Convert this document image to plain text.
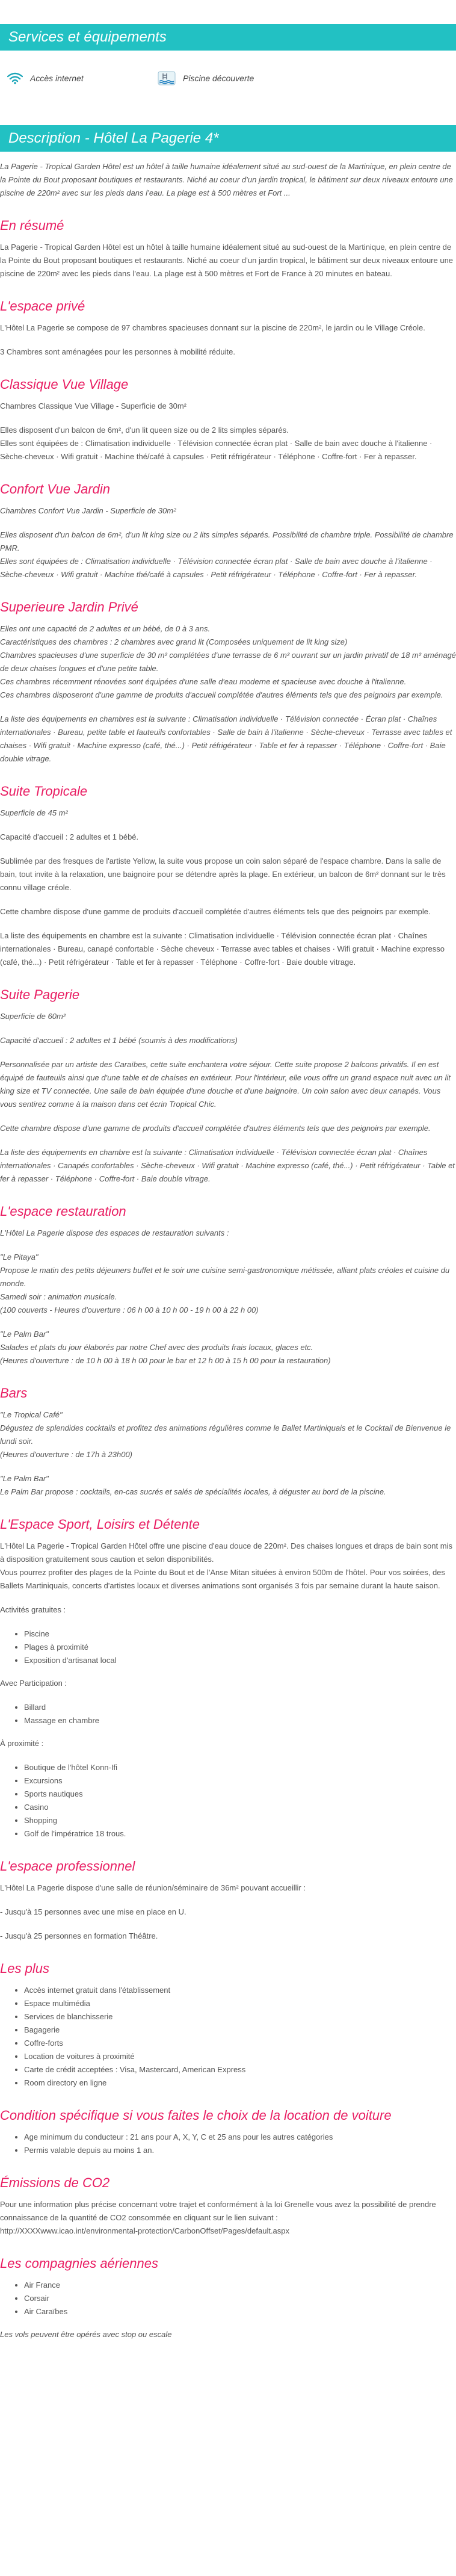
Services et équipements
Accès internet	Piscine découverte
Description - Hôtel La Pagerie 4*

La Pagerie - Tropical Garden Hôtel est un hôtel à taille humaine idéalement situé au sud-ouest de la Martinique, en plein centre de la Pointe du Bout proposant boutiques et restaurants. Niché au coeur d’un jardin tropical, le bâtiment sur deux niveaux entoure une piscine de 220m² avec sur les pieds dans l’eau. La plage est à 500 mètres et Fort ...

En résumé

La Pagerie - Tropical Garden Hôtel est un hôtel à taille humaine idéalement situé au sud-ouest de la Martinique, en plein centre de la Pointe du Bout proposant boutiques et restaurants. Niché au coeur d’un jardin tropical, le bâtiment sur deux niveaux entoure une piscine de 220m² avec les pieds dans l’eau. La plage est à 500 mètres et Fort de France à 20 minutes en bateau.

L'espace privé

L'Hôtel La Pagerie se compose de 97 chambres spacieuses donnant sur la piscine de 220m², le jardin ou le Village Créole.

3 Chambres sont aménagées pour les personnes à mobilité réduite.

Classique Vue Village

Chambres Classique Vue Village - Superficie de 30m²

Elles disposent d'un balcon de 6m², d'un lit queen size ou de 2 lits simples séparés.
Elles sont équipées de : Climatisation individuelle · Télévision connectée écran plat · Salle de bain avec douche à l'italienne · Sèche-cheveux · Wifi gratuit · Machine thé/café à capsules · Petit réfrigérateur · Téléphone · Coffre-fort · Fer à repasser.

Confort Vue Jardin

Chambres Confort Vue Jardin - Superficie de 30m²

Elles disposent d'un balcon de 6m², d'un lit king size ou 2 lits simples séparés. Possibilité de chambre triple. Possibilité de chambre PMR.
Elles sont équipées de : Climatisation individuelle · Télévision connectée écran plat · Salle de bain avec douche à l'italienne · Sèche-cheveux · Wifi gratuit · Machine thé/café à capsules · Petit réfrigérateur · Téléphone · Coffre-fort · Fer à repasser.

Superieure Jardin Privé

Elles ont une capacité de 2 adultes et un bébé, de 0 à 3 ans.
Caractéristiques des chambres : 2 chambres avec grand lit (Composées uniquement de lit king size)
Chambres spacieuses d'une superficie de 30 m² complétées d'une terrasse de 6 m² ouvrant sur un jardin privatif de 18 m² aménagé de deux chaises longues et d'une petite table.
Ces chambres récemment rénovées sont équipées d'une salle d'eau moderne et spacieuse avec douche à l'italienne.
Ces chambres disposeront d'une gamme de produits d'accueil complétée d'autres éléments tels que des peignoirs par exemple.

La liste des équipements en chambres est la suivante : Climatisation individuelle · Télévision connectée · Écran plat · Chaînes internationales · Bureau, petite table et fauteuils confortables · Salle de bain à l'italienne · Sèche-cheveux · Terrasse avec tables et chaises · Wifi gratuit · Machine expresso (café, thé...) · Petit réfrigérateur · Table et fer à repasser · Téléphone · Coffre-fort · Baie double vitrage.

Suite Tropicale

Superficie de 45 m²

Capacité d'accueil : 2 adultes et 1 bébé.

Sublimée par des fresques de l'artiste Yellow, la suite vous propose un coin salon séparé de l'espace chambre. Dans la salle de bain, tout invite à la relaxation, une baignoire pour se détendre après la plage. En extérieur, un balcon de 6m² donnant sur le très connu village créole.

Cette chambre dispose d'une gamme de produits d'accueil complétée d'autres éléments tels que des peignoirs par exemple.

La liste des équipements en chambre est la suivante : Climatisation individuelle · Télévision connectée écran plat · Chaînes internationales · Bureau, canapé confortable · Sèche cheveux · Terrasse avec tables et chaises · Wifi gratuit · Machine expresso (café, thé...) · Petit réfrigérateur · Table et fer à repasser · Téléphone · Coffre-fort · Baie double vitrage.

Suite Pagerie

Superficie de 60m²

Capacité d'accueil : 2 adultes et 1 bébé (soumis à des modifications)

Personnalisée par un artiste des Caraïbes, cette suite enchantera votre séjour. Cette suite propose 2 balcons privatifs. Il en est équipé de fauteuils ainsi que d'une table et de chaises en extérieur. Pour l'intérieur, elle vous offre un grand espace nuit avec un lit king size et TV connectée. Une salle de bain équipée d'une douche et d'une baignoire. Un coin salon avec deux canapés. Vous vous sentirez comme à la maison dans cet écrin Tropical Chic.

Cette chambre dispose d'une gamme de produits d'accueil complétée d'autres éléments tels que des peignoirs par exemple.

La liste des équipements en chambre est la suivante : Climatisation individuelle · Télévision connectée écran plat · Chaînes internationales · Canapés confortables · Sèche-cheveux · Wifi gratuit · Machine expresso (café, thé...) · Petit réfrigérateur · Table et fer à repasser · Téléphone · Coffre-fort · Baie double vitrage.

L'espace restauration

L'Hôtel La Pagerie dispose des espaces de restauration suivants :

"Le Pitaya"
Propose le matin des petits déjeuners buffet et le soir une cuisine semi-gastronomique métissée, alliant plats créoles et cuisine du monde.
Samedi soir : animation musicale.
(100 couverts - Heures d'ouverture : 06 h 00 à 10 h 00 - 19 h 00 à 22 h 00)

"Le Palm Bar"
Salades et plats du jour élaborés par notre Chef avec des produits frais locaux, glaces etc.
(Heures d'ouverture : de 10 h 00 à 18 h 00 pour le bar et 12 h 00 à 15 h 00 pour la restauration)

Bars

"Le Tropical Café"
Dégustez de splendides cocktails et profitez des animations régulières comme le Ballet Martiniquais et le Cocktail de Bienvenue le lundi soir.
(Heures d'ouverture : de 17h à 23h00)

"Le Palm Bar"
Le Palm Bar propose : cocktails, en-cas sucrés et salés de spécialités locales, à déguster au bord de la piscine.

L'Espace Sport, Loisirs et Détente

L'Hôtel La Pagerie - Tropical Garden Hôtel offre une piscine d'eau douce de 220m². Des chaises longues et draps de bain sont mis à disposition gratuitement sous caution et selon disponibilités.
Vous pourrez profiter des plages de la Pointe du Bout et de l'Anse Mitan situées à environ 500m de l'hôtel. Pour vos soirées, des Ballets Martiniquais, concerts d'artistes locaux et diverses animations sont organisés 3 fois par semaine durant la haute saison.

Activités gratuites :

• Piscine
• Plages à proximité
• Exposition d'artisanat local

Avec Participation :

• Billard
• Massage en chambre

À proximité :

• Boutique de l'hôtel Konn-Ifi
• Excursions
• Sports nautiques
• Casino
• Shopping
• Golf de l'impératrice 18 trous.
L'espace professionnel

L'Hôtel La Pagerie dispose d'une salle de réunion/séminaire de 36m² pouvant accueillir :

- Jusqu'à 15 personnes avec une mise en place en U.

- Jusqu'à 25 personnes en formation Théâtre.

Les plus
• Accès internet gratuit dans l'établissement
• Espace multimédia
• Services de blanchisserie
• Bagagerie
• Coffre-forts
• Location de voitures à proximité
• Carte de crédit acceptées : Visa, Mastercard, American Express
• Room directory en ligne
Condition spécifique si vous faites le choix de la location de voiture
• Age minimum du conducteur : 21 ans pour A, X, Y, C et 25 ans pour les autres catégories
• Permis valable depuis au moins 1 an.
Émissions de CO2

Pour une information plus précise concernant votre trajet et conformément à la loi Grenelle vous avez la possibilité de prendre connaissance de la quantité de CO2 consommée en cliquant sur le lien suivant :
http://XXXXwww.icao.int/environmental-protection/CarbonOffset/Pages/default.aspx

Les compagnies aériennes
• Air France
• Corsair
• Air Caraïbes

Les vols peuvent être opérés avec stop ou escale
